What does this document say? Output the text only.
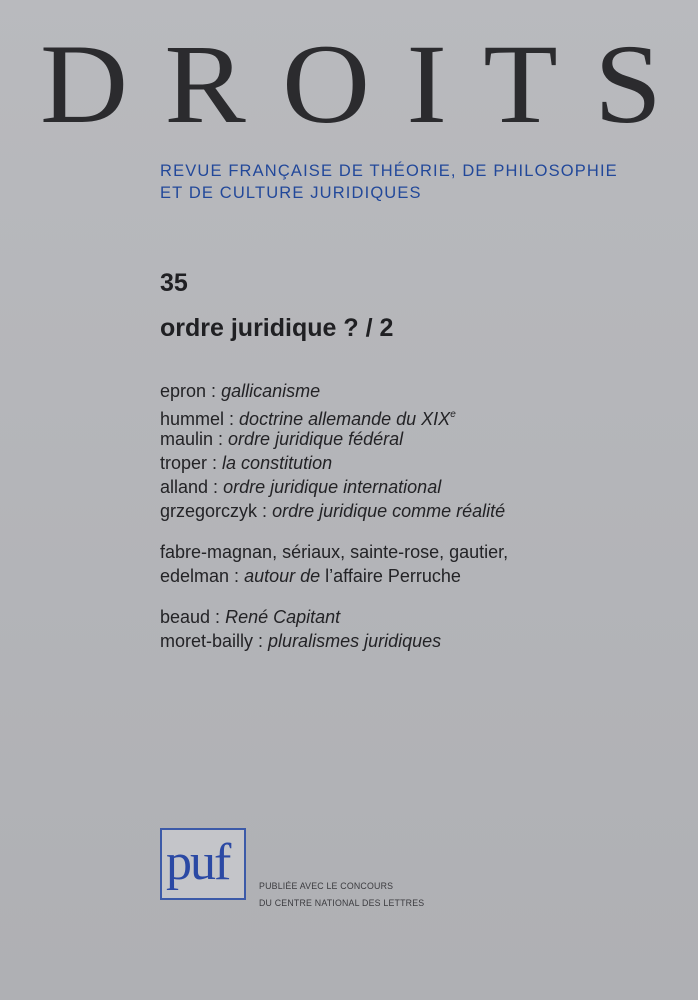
D R O I T S
REVUE FRANÇAISE DE THÉORIE, DE PHILOSOPHIE
ET DE CULTURE JURIDIQUES
35
ordre juridique ? / 2
epron : gallicanisme
hummel : doctrine allemande du XIXe
maulin : ordre juridique fédéral
troper : la constitution
alland : ordre juridique international
grzegorczyk : ordre juridique comme réalité
fabre-magnan, sériaux, sainte-rose, gautier,
edelman : autour de l’affaire Perruche
beaud : René Capitant
moret-bailly : pluralismes juridiques
puf	PUBLIÉE AVEC LE CONCOURS
DU CENTRE NATIONAL DES LETTRES
